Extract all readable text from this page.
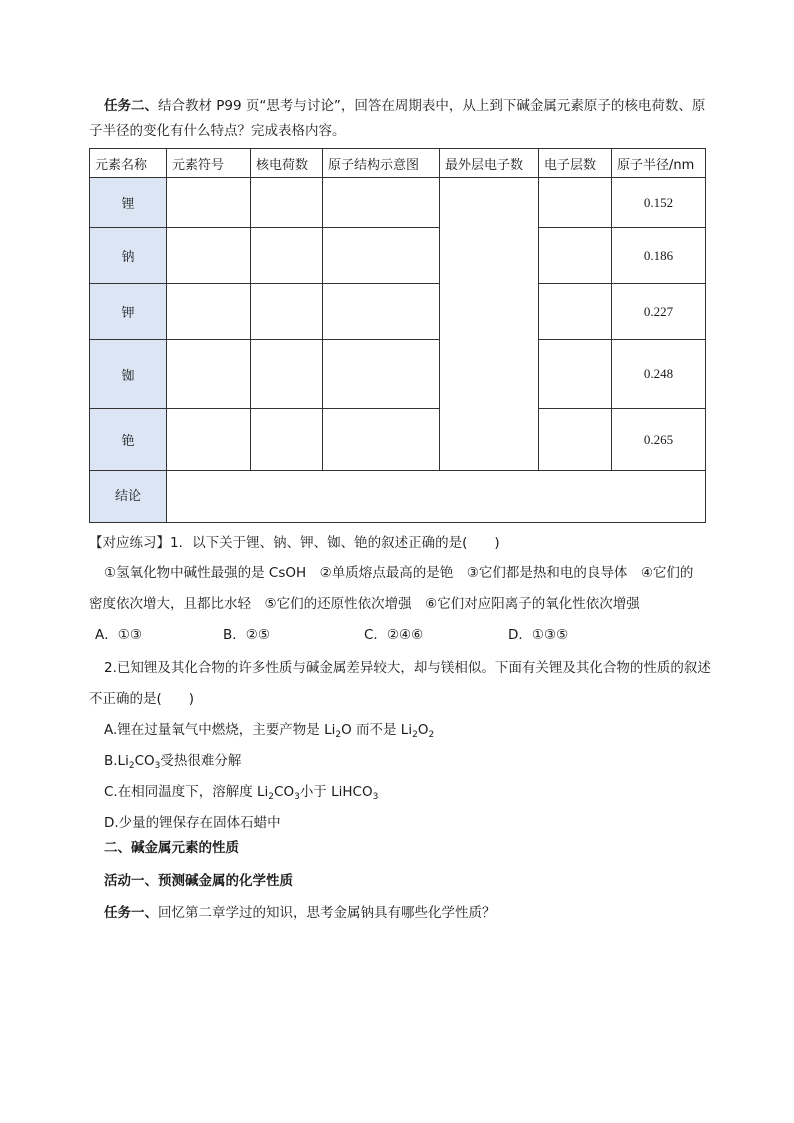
任务二、结合教材 P99 页“思考与讨论”，回答在周期表中，从上到下碱金属元素原子的核电荷数、原
子半径的变化有什么特点？完成表格内容。
元素名称	元素符号	核电荷数	原子结构示意图	最外层电子数	电子层数	原子半径/nm
锂						0.152
钠						0.186
钾						0.227
铷						0.248
铯						0.265
结论						
【对应练习】1．以下关于锂、钠、钾、铷、铯的叙述正确的是(　　)
①氢氧化物中碱性最强的是 CsOH　②单质熔点最高的是铯　③它们都是热和电的良导体　④它们的
密度依次增大，且都比水轻　⑤它们的还原性依次增强　⑥它们对应阳离子的氧化性依次增强
A．①③	B．②⑤	C．②④⑥	D．①③⑤
2.已知锂及其化合物的许多性质与碱金属差异较大，却与镁相似。下面有关锂及其化合物的性质的叙述
不正确的是(　　)
A.锂在过量氧气中燃烧，主要产物是 $Li_2O$ 而不是 $Li_2O_2$
$B.Li_2CO_3$受热很难分解
C.在相同温度下，溶解度 $Li_2CO_3$小于 LiHCO$_3$
D.少量的锂保存在固体石蜡中
二、碱金属元素的性质
活动一、预测碱金属的化学性质
任务一、回忆第二章学过的知识，思考金属钠具有哪些化学性质？
